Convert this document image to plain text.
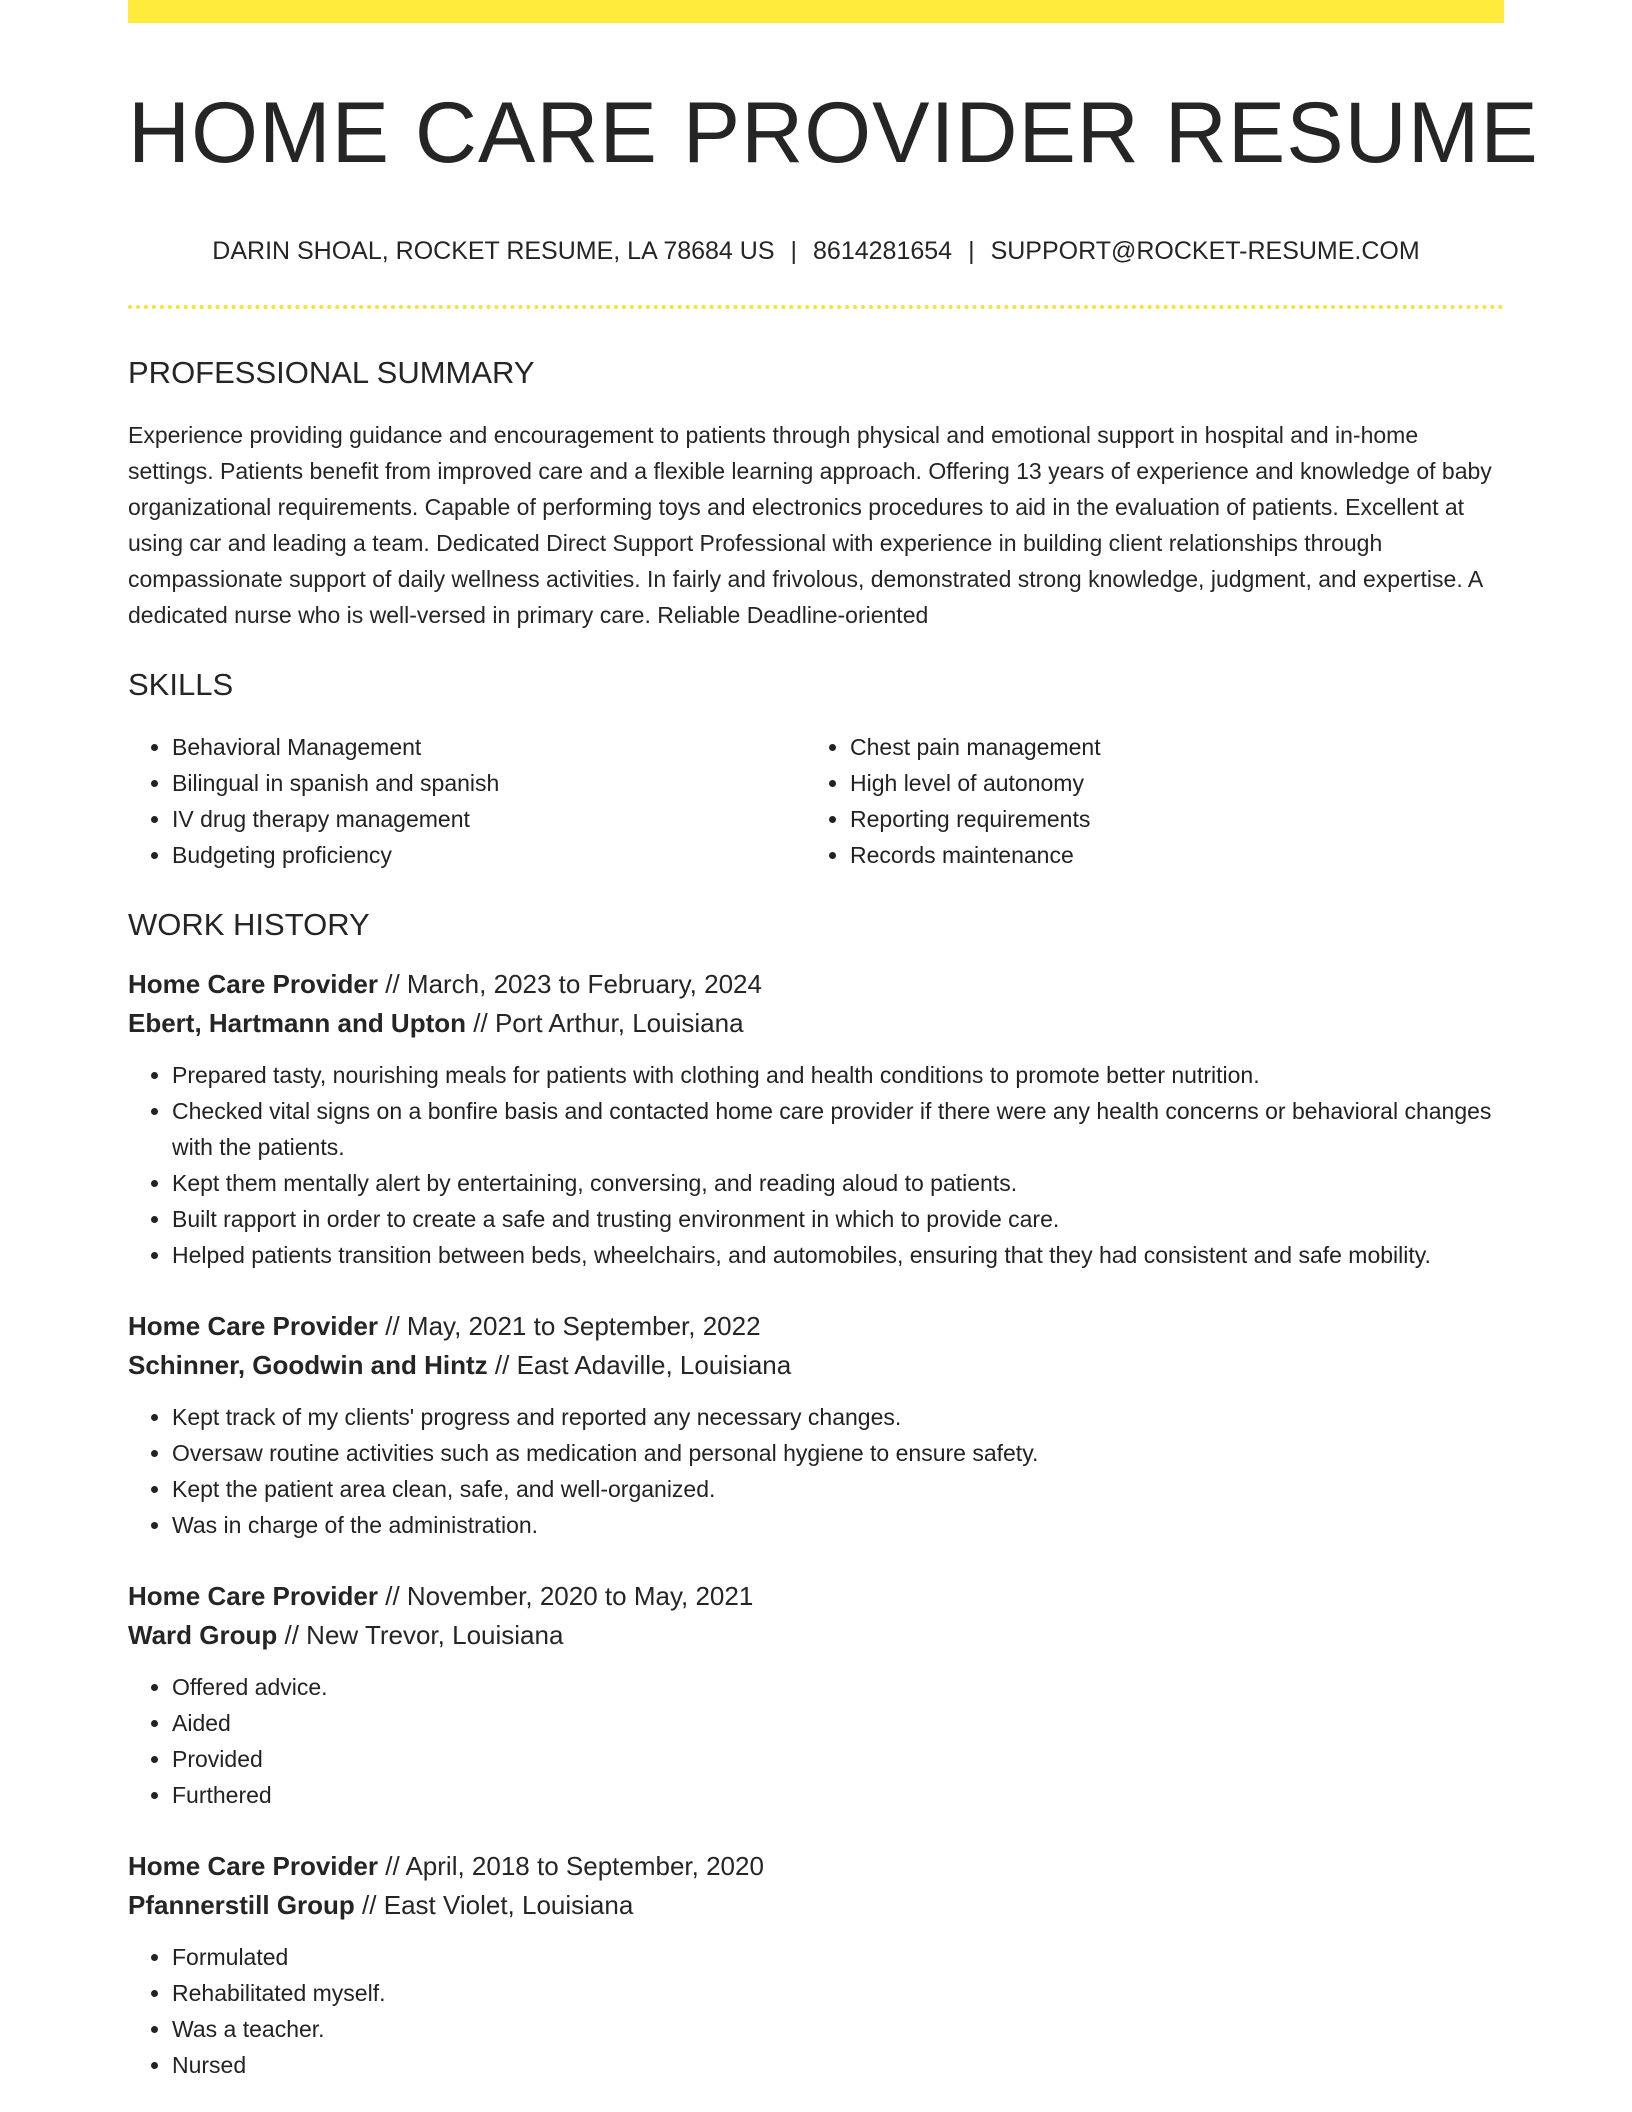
HOME CARE PROVIDER RESUME
DARIN SHOAL, ROCKET RESUME, LA 78684 US | 8614281654 | SUPPORT@ROCKET-RESUME.COM
PROFESSIONAL SUMMARY

Experience providing guidance and encouragement to patients through physical and emotional support in hospital and in-home settings. Patients benefit from improved care and a flexible learning approach. Offering 13 years of experience and knowledge of baby organizational requirements. Capable of performing toys and electronics procedures to aid in the evaluation of patients. Excellent at using car and leading a team. Dedicated Direct Support Professional with experience in building client relationships through compassionate support of daily wellness activities. In fairly and frivolous, demonstrated strong knowledge, judgment, and expertise. A dedicated nurse who is well-versed in primary care. Reliable Deadline-oriented

SKILLS
• Behavioral Management
• Bilingual in spanish and spanish
• IV drug therapy management
• Budgeting proficiency
• Chest pain management
• High level of autonomy
• Reporting requirements
• Records maintenance
WORK HISTORY
Home Care Provider // March, 2023 to February, 2024
Ebert, Hartmann and Upton // Port Arthur, Louisiana
• Prepared tasty, nourishing meals for patients with clothing and health conditions to promote better nutrition.
• Checked vital signs on a bonfire basis and contacted home care provider if there were any health concerns or behavioral changes with the patients.
• Kept them mentally alert by entertaining, conversing, and reading aloud to patients.
• Built rapport in order to create a safe and trusting environment in which to provide care.
• Helped patients transition between beds, wheelchairs, and automobiles, ensuring that they had consistent and safe mobility.
Home Care Provider // May, 2021 to September, 2022
Schinner, Goodwin and Hintz // East Adaville, Louisiana
• Kept track of my clients' progress and reported any necessary changes.
• Oversaw routine activities such as medication and personal hygiene to ensure safety.
• Kept the patient area clean, safe, and well-organized.
• Was in charge of the administration.
Home Care Provider // November, 2020 to May, 2021
Ward Group // New Trevor, Louisiana
• Offered advice.
• Aided
• Provided
• Furthered
Home Care Provider // April, 2018 to September, 2020
Pfannerstill Group // East Violet, Louisiana
• Formulated
• Rehabilitated myself.
• Was a teacher.
• Nursed
